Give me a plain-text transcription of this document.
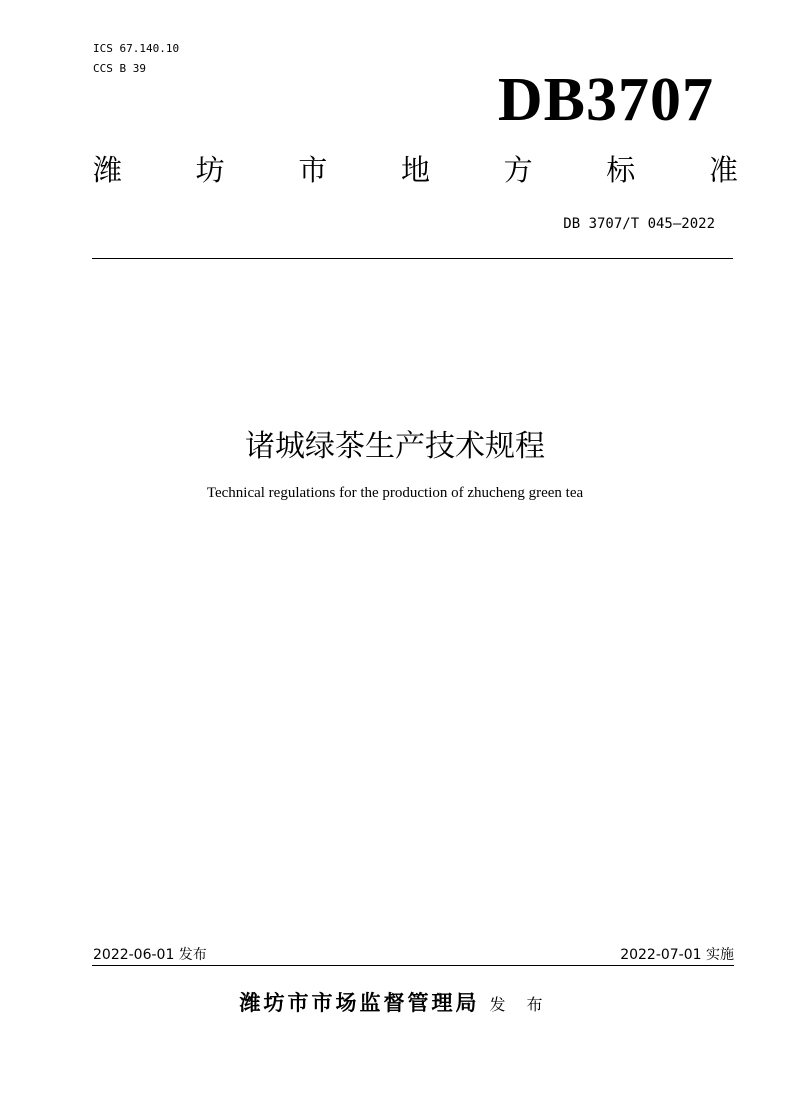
ICS 67.140.10
CCS B 39	DB3707
潍	坊	市	地	方	标	准
DB 3707/T 045—2022
诸城绿茶生产技术规程
Technical regulations for the production of zhucheng green tea
2022-06-01 发布	2022-07-01 实施
潍坊市市场监督管理局 发 布
